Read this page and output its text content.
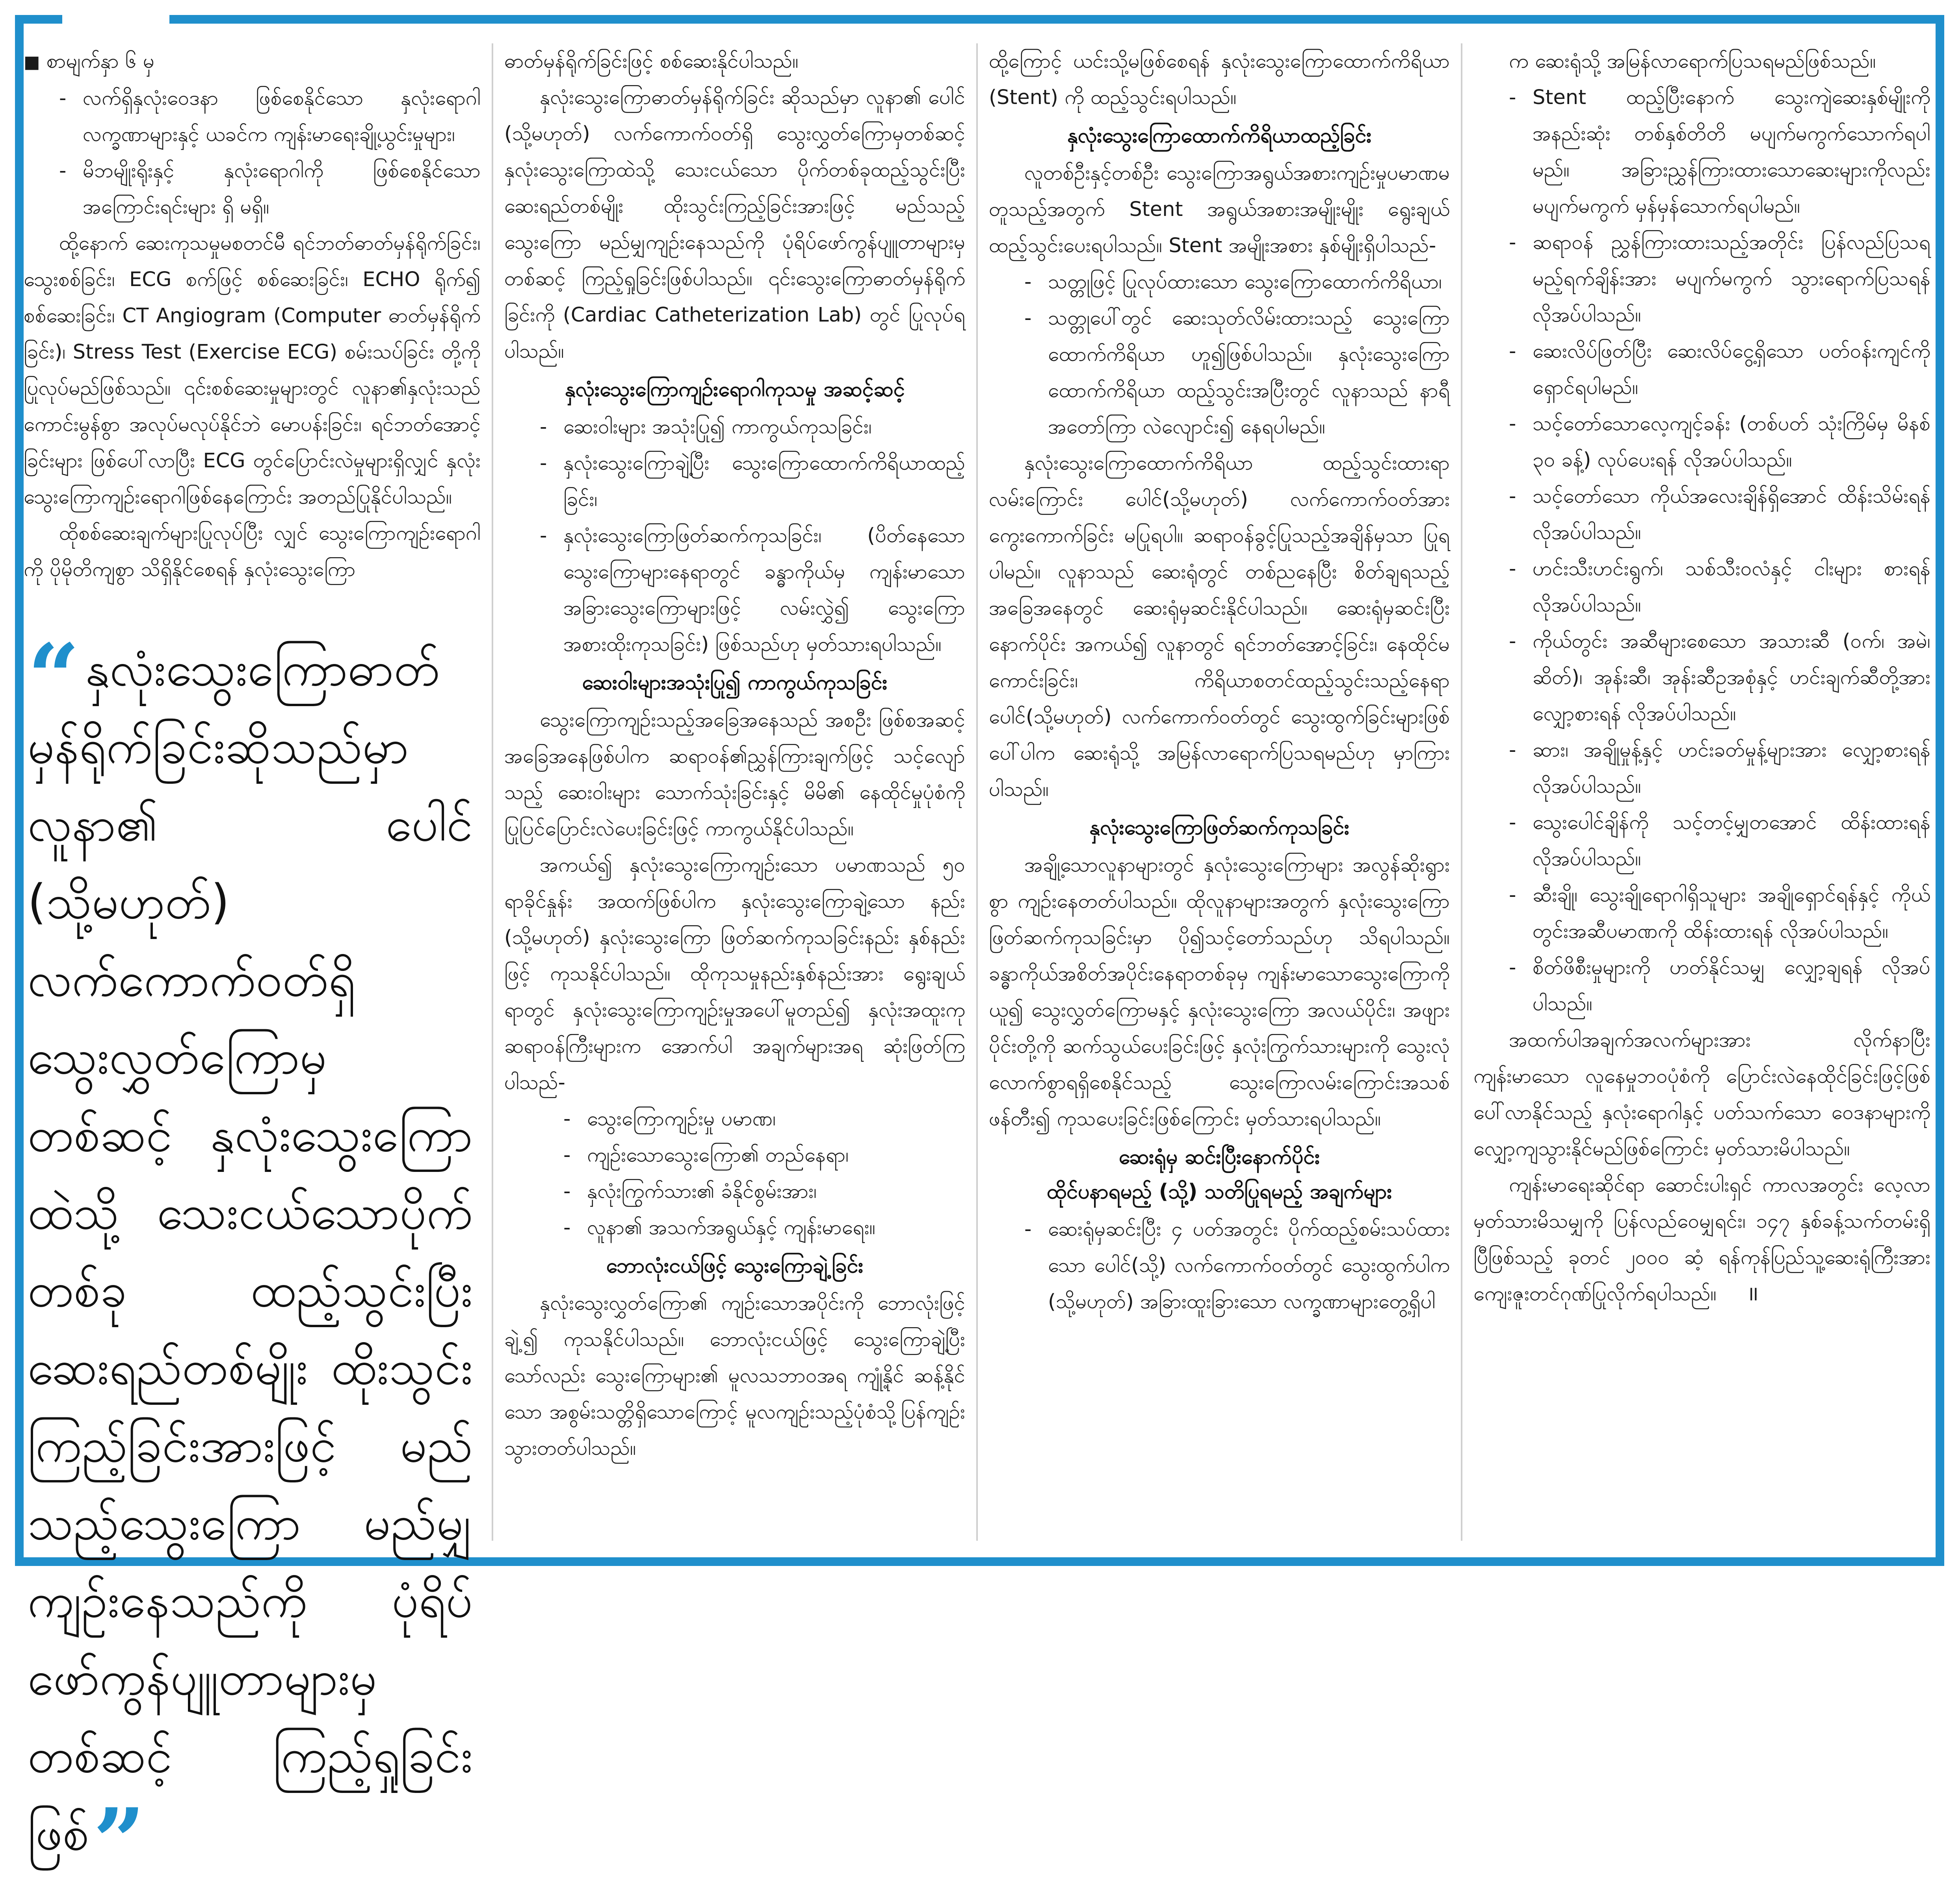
■ စာမျက်နှာ ၆ မှ

- လက်ရှိနှလုံးဝေဒနာ ဖြစ်စေနိုင်သော နှလုံးရောဂါလက္ခဏာများနှင့် ယခင်က ကျန်းမာရေးချို့ယွင်းမှုများ၊
- မိဘမျိုးရိုးနှင့် နှလုံးရောဂါကို ဖြစ်စေနိုင်သော အကြောင်းရင်းများ ရှိ မရှိ။

ထို့နောက် ဆေးကုသမှုမစတင်မီ ရင်ဘတ်ဓာတ်မှန်ရိုက်ခြင်း၊ သွေးစစ်ခြင်း၊ ECG စက်ဖြင့် စစ်ဆေးခြင်း၊ ECHO ရိုက်၍ စစ်ဆေးခြင်း၊ CT Angiogram (Computer ဓာတ်မှန်ရိုက်ခြင်း)၊ Stress Test (Exercise ECG) စမ်းသပ်ခြင်း တို့ကို ပြုလုပ်မည်ဖြစ်သည်။ ၎င်းစစ်ဆေးမှုများတွင် လူနာ၏နှလုံးသည် ကောင်းမွန်စွာ အလုပ်မလုပ်နိုင်ဘဲ မောပန်းခြင်း၊ ရင်ဘတ်အောင့်ခြင်းများ ဖြစ်ပေါ်လာပြီး ECG တွင်ပြောင်းလဲမှုများရှိလျှင် နှလုံးသွေးကြောကျဉ်းရောဂါဖြစ်နေကြောင်း အတည်ပြုနိုင်ပါသည်။

ထိုစစ်ဆေးချက်များပြုလုပ်ပြီး လျှင် သွေးကြောကျဉ်းရောဂါကို ပိုမိုတိကျစွာ သိရှိနိုင်စေရန် နှလုံးသွေးကြော

“ နှလုံးသွေးကြောဓာတ်မှန်ရိုက်ခြင်းဆိုသည်မှာ လူနာ၏ ပေါင် (သို့မဟုတ်) လက်ကောက်ဝတ်ရှိ သွေးလွှတ်ကြောမှ တစ်ဆင့် နှလုံးသွေးကြောထဲသို့ သေးငယ်သောပိုက်တစ်ခု ထည့်သွင်းပြီး ဆေးရည်တစ်မျိုး ထိုးသွင်းကြည့်ခြင်းအားဖြင့် မည်သည့်သွေးကြော မည်မျှကျဉ်းနေသည်ကို ပုံရိပ်ဖော်ကွန်ပျူတာများမှတစ်ဆင့် ကြည့်ရှုခြင်းဖြစ်”

ဓာတ်မှန်ရိုက်ခြင်းဖြင့် စစ်ဆေးနိုင်ပါသည်။

နှလုံးသွေးကြောဓာတ်မှန်ရိုက်ခြင်း ဆိုသည်မှာ လူနာ၏ ပေါင် (သို့မဟုတ်) လက်ကောက်ဝတ်ရှိ သွေးလွှတ်ကြောမှတစ်ဆင့် နှလုံးသွေးကြောထဲသို့ သေးငယ်သော ပိုက်တစ်ခုထည့်သွင်းပြီး ဆေးရည်တစ်မျိုး ထိုးသွင်းကြည့်ခြင်းအားဖြင့် မည်သည့်သွေးကြော မည်မျှကျဉ်းနေသည်ကို ပုံရိပ်ဖော်ကွန်ပျူတာများမှတစ်ဆင့် ကြည့်ရှုခြင်းဖြစ်ပါသည်။ ၎င်းသွေးကြောဓာတ်မှန်ရိုက်ခြင်းကို (Cardiac Catheterization Lab) တွင် ပြုလုပ်ရပါသည်။

နှလုံးသွေးကြောကျဉ်းရောဂါကုသမှု အဆင့်ဆင့်
- ဆေးဝါးများ အသုံးပြု၍ ကာကွယ်ကုသခြင်း၊
- နှလုံးသွေးကြောချဲ့ပြီး သွေးကြောထောက်ကိရိယာထည့်ခြင်း၊
- နှလုံးသွေးကြောဖြတ်ဆက်ကုသခြင်း၊ (ပိတ်နေသော သွေးကြောများနေရာတွင် ခန္ဓာကိုယ်မှ ကျန်းမာသော အခြားသွေးကြောများဖြင့် လမ်းလွှဲ၍ သွေးကြောအစားထိုးကုသခြင်း) ဖြစ်သည်ဟု မှတ်သားရပါသည်။
ဆေးဝါးများအသုံးပြု၍ ကာကွယ်ကုသခြင်း

သွေးကြောကျဉ်းသည့်အခြေအနေသည် အစဦး ဖြစ်စအဆင့် အခြေအနေဖြစ်ပါက ဆရာဝန်၏ညွှန်ကြားချက်ဖြင့် သင့်လျော်သည့် ဆေးဝါးများ သောက်သုံးခြင်းနှင့် မိမိ၏ နေထိုင်မှုပုံစံကို ပြုပြင်ပြောင်းလဲပေးခြင်းဖြင့် ကာကွယ်နိုင်ပါသည်။

အကယ်၍ နှလုံးသွေးကြောကျဉ်းသော ပမာဏသည် ၅၀ ရာခိုင်နှုန်း အထက်ဖြစ်ပါက နှလုံးသွေးကြောချဲ့သော နည်း (သို့မဟုတ်) နှလုံးသွေးကြော ဖြတ်ဆက်ကုသခြင်းနည်း နှစ်နည်းဖြင့် ကုသနိုင်ပါသည်။ ထိုကုသမှုနည်းနှစ်နည်းအား ရွေးချယ်ရာတွင် နှလုံးသွေးကြောကျဉ်းမှုအပေါ်မူတည်၍ နှလုံးအထူးကုဆရာဝန်ကြီးများက အောက်ပါ အချက်များအရ ဆုံးဖြတ်ကြပါသည်-

- သွေးကြောကျဉ်းမှု ပမာဏ၊
- ကျဉ်းသောသွေးကြော၏ တည်နေရာ၊
- နှလုံးကြွက်သား၏ ခံနိုင်စွမ်းအား၊
- လူနာ၏ အသက်အရွယ်နှင့် ကျန်းမာရေး။
ဘောလုံးငယ်ဖြင့် သွေးကြောချဲ့ခြင်း

နှလုံးသွေးလွှတ်ကြော၏ ကျဉ်းသောအပိုင်းကို ဘောလုံးဖြင့်ချဲ့၍ ကုသနိုင်ပါသည်။ ဘောလုံးငယ်ဖြင့် သွေးကြောချဲ့ပြီးသော်လည်း သွေးကြောများ၏ မူလသဘာဝအရ ကျုံ့နိုင် ဆန့်နိုင်သော အစွမ်းသတ္တိရှိသောကြောင့် မူလကျဉ်းသည့်ပုံစံသို့ပြန်ကျဉ်းသွားတတ်ပါသည်။

ထို့ကြောင့် ယင်းသို့မဖြစ်စေရန် နှလုံးသွေးကြောထောက်ကိရိယာ (Stent) ကို ထည့်သွင်းရပါသည်။

နှလုံးသွေးကြောထောက်ကိရိယာထည့်ခြင်း

လူတစ်ဦးနှင့်တစ်ဦး သွေးကြောအရွယ်အစားကျဉ်းမှုပမာဏမတူသည့်အတွက် Stent အရွယ်အစားအမျိုးမျိုး ရွေးချယ်ထည့်သွင်းပေးရပါသည်။ Stent အမျိုးအစား နှစ်မျိုးရှိပါသည်-

- သတ္တုဖြင့် ပြုလုပ်ထားသော သွေးကြောထောက်ကိရိယာ၊
- သတ္တုပေါ်တွင် ဆေးသုတ်လိမ်းထားသည့် သွေးကြောထောက်ကိရိယာ ဟူ၍ဖြစ်ပါသည်။ နှလုံးသွေးကြောထောက်ကိရိယာ ထည့်သွင်းအပြီးတွင် လူနာသည် နာရီအတော်ကြာ လဲလျောင်း၍ နေရပါမည်။

နှလုံးသွေးကြောထောက်ကိရိယာ ထည့်သွင်းထားရာလမ်းကြောင်း ပေါင်(သို့မဟုတ်) လက်ကောက်ဝတ်အား ကွေးကောက်ခြင်း မပြုရပါ။ ဆရာဝန်ခွင့်ပြုသည့်အချိန်မှသာ ပြုရပါမည်။ လူနာသည် ဆေးရုံတွင် တစ်ညနေပြီး စိတ်ချရသည့်အခြေအနေတွင် ဆေးရုံမှဆင်းနိုင်ပါသည်။ ဆေးရုံမှဆင်းပြီးနောက်ပိုင်း အကယ်၍ လူနာတွင် ရင်ဘတ်အောင့်ခြင်း၊ နေထိုင်မကောင်းခြင်း၊ ကိရိယာစတင်ထည့်သွင်းသည့်နေရာ ပေါင်(သို့မဟုတ်) လက်ကောက်ဝတ်တွင် သွေးထွက်ခြင်းများဖြစ်ပေါ်ပါက ဆေးရုံသို့ အမြန်လာရောက်ပြသရမည်ဟု မှာကြားပါသည်။

နှလုံးသွေးကြောဖြတ်ဆက်ကုသခြင်း

အချို့သောလူနာများတွင် နှလုံးသွေးကြောများ အလွန်ဆိုးရွားစွာ ကျဉ်းနေတတ်ပါသည်။ ထိုလူနာများအတွက် နှလုံးသွေးကြောဖြတ်ဆက်ကုသခြင်းမှာ ပို၍သင့်တော်သည်ဟု သိရပါသည်။ ခန္ဓာကိုယ်အစိတ်အပိုင်းနေရာတစ်ခုမှ ကျန်းမာသောသွေးကြောကိုယူ၍ သွေးလွှတ်ကြောမနှင့် နှလုံးသွေးကြော အလယ်ပိုင်း၊ အဖျားပိုင်းတို့ကို ဆက်သွယ်ပေးခြင်းဖြင့် နှလုံးကြွက်သားများကို သွေးလုံလောက်စွာရရှိစေနိုင်သည့် သွေးကြောလမ်းကြောင်းအသစ်ဖန်တီး၍ ကုသပေးခြင်းဖြစ်ကြောင်း မှတ်သားရပါသည်။

ဆေးရုံမှ ဆင်းပြီးနောက်ပိုင်း
ထိုင်ပနာရမည့် (သို့) သတိပြုရမည့် အချက်များ
- ဆေးရုံမှဆင်းပြီး ၄ ပတ်အတွင်း ပိုက်ထည့်စမ်းသပ်ထားသော ပေါင်(သို့) လက်ကောက်ဝတ်တွင် သွေးထွက်ပါက (သို့မဟုတ်) အခြားထူးခြားသော လက္ခဏာများတွေ့ရှိပါ

က ဆေးရုံသို့ အမြန်လာရောက်ပြသရမည်ဖြစ်သည်။

- Stent ထည့်ပြီးနောက် သွေးကျဲဆေးနှစ်မျိုးကို အနည်းဆုံး တစ်နှစ်တိတိ မပျက်မကွက်သောက်ရပါမည်။ အခြားညွှန်ကြားထားသောဆေးများကိုလည်း မပျက်မကွက် မှန်မှန်သောက်ရပါမည်။
- ဆရာဝန် ညွှန်ကြားထားသည့်အတိုင်း ပြန်လည်ပြသရမည့်ရက်ချိန်းအား မပျက်မကွက် သွားရောက်ပြသရန် လိုအပ်ပါသည်။
- ဆေးလိပ်ဖြတ်ပြီး ဆေးလိပ်ငွေ့ရှိသော ပတ်ဝန်းကျင်ကို ရှောင်ရပါမည်။
- သင့်တော်သောလေ့ကျင့်ခန်း (တစ်ပတ် သုံးကြိမ်မှ မိနစ် ၃၀ ခန့်) လုပ်ပေးရန် လိုအပ်ပါသည်။
- သင့်တော်သော ကိုယ်အလေးချိန်ရှိအောင် ထိန်းသိမ်းရန် လိုအပ်ပါသည်။
- ဟင်းသီးဟင်းရွက်၊ သစ်သီးဝလံနှင့် ငါးများ စားရန် လိုအပ်ပါသည်။
- ကိုယ်တွင်း အဆီများစေသော အသားဆီ (ဝက်၊ အမဲ၊ ဆိတ်)၊ အုန်းဆီ၊ အုန်းဆီဥအစုံနှင့် ဟင်းချက်ဆီတို့အား လျှော့စားရန် လိုအပ်ပါသည်။
- ဆား၊ အချိုမှုန့်နှင့် ဟင်းခတ်မှုန့်များအား လျှော့စားရန် လိုအပ်ပါသည်။
- သွေးပေါင်ချိန်ကို သင့်တင့်မျှတအောင် ထိန်းထားရန် လိုအပ်ပါသည်။
- ဆီးချို၊ သွေးချိုရောဂါရှိသူများ အချိုရှောင်ရန်နှင့် ကိုယ်တွင်းအဆီပမာဏကို ထိန်းထားရန် လိုအပ်ပါသည်။
- စိတ်ဖိစီးမှုများကို ဟတ်နိုင်သမျှ လျှော့ချရန် လိုအပ်ပါသည်။

အထက်ပါအချက်အလက်များအား လိုက်နာပြီး ကျန်းမာသော လူနေမှုဘဝပုံစံကို ပြောင်းလဲနေထိုင်ခြင်းဖြင့်ဖြစ်ပေါ်လာနိုင်သည့် နှလုံးရောဂါနှင့် ပတ်သက်သော ဝေဒနာများကို လျှော့ကျသွားနိုင်မည်ဖြစ်ကြောင်း မှတ်သားမိပါသည်။

ကျန်းမာရေးဆိုင်ရာ ဆောင်းပါးရှင် ကာလအတွင်း လေ့လာမှတ်သားမိသမျှကို ပြန်လည်ဝေမျှရင်း၊ ၁၄၇ နှစ်ခန့်သက်တမ်းရှိပြီဖြစ်သည့် ခုတင် ၂၀၀၀ ဆံ့ ရန်ကုန်ပြည်သူ့ဆေးရုံကြီးအား ကျေးဇူးတင်ဂုဏ်ပြုလိုက်ရပါသည်။ ॥
